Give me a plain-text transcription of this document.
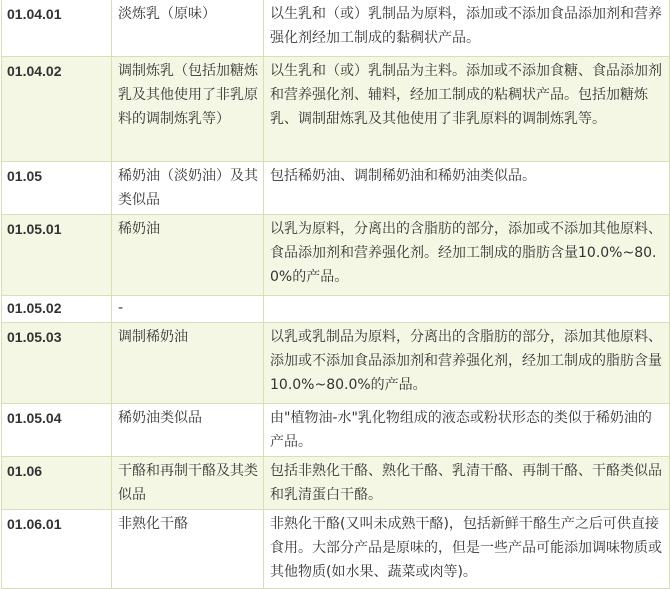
01.04.01	淡炼乳（原味）	以生乳和（或）乳制品为原料，添加或不添加食品添加剂和营养强化剂经加工制成的黏稠状产品。
01.04.02	调制炼乳（包括加糖炼乳及其他使用了非乳原料的调制炼乳等）	以生乳和（或）乳制品为主料。添加或不添加食糖、食品添加剂和营养强化剂、辅料，经加工制成的粘稠状产品。包括加糖炼乳、调制甜炼乳及其他使用了非乳原料的调制炼乳等。
01.05	稀奶油（淡奶油）及其类似品	包括稀奶油、调制稀奶油和稀奶油类似品。
01.05.01	稀奶油	以乳为原料，分离出的含脂肪的部分，添加或不添加其他原料、食品添加剂和营养强化剂。经加工制成的脂肪含量10.0%~80.0%的产品。
01.05.02	-	
01.05.03	调制稀奶油	以乳或乳制品为原料，分离出的含脂肪的部分，添加其他原料、添加或不添加食品添加剂和营养强化剂，经加工制成的脂肪含量10.0%~80.0%的产品。
01.05.04	稀奶油类似品	由"植物油-水"乳化物组成的液态或粉状形态的类似于稀奶油的产品。
01.06	干酪和再制干酪及其类似品	包括非熟化干酪、熟化干酪、乳清干酪、再制干酪、干酪类似品和乳清蛋白干酪。
01.06.01	非熟化干酪	非熟化干酪(又叫未成熟干酪)，包括新鲜干酪生产之后可供直接食用。大部分产品是原味的，但是一些产品可能添加调味物质或其他物质(如水果、蔬菜或肉等)。
